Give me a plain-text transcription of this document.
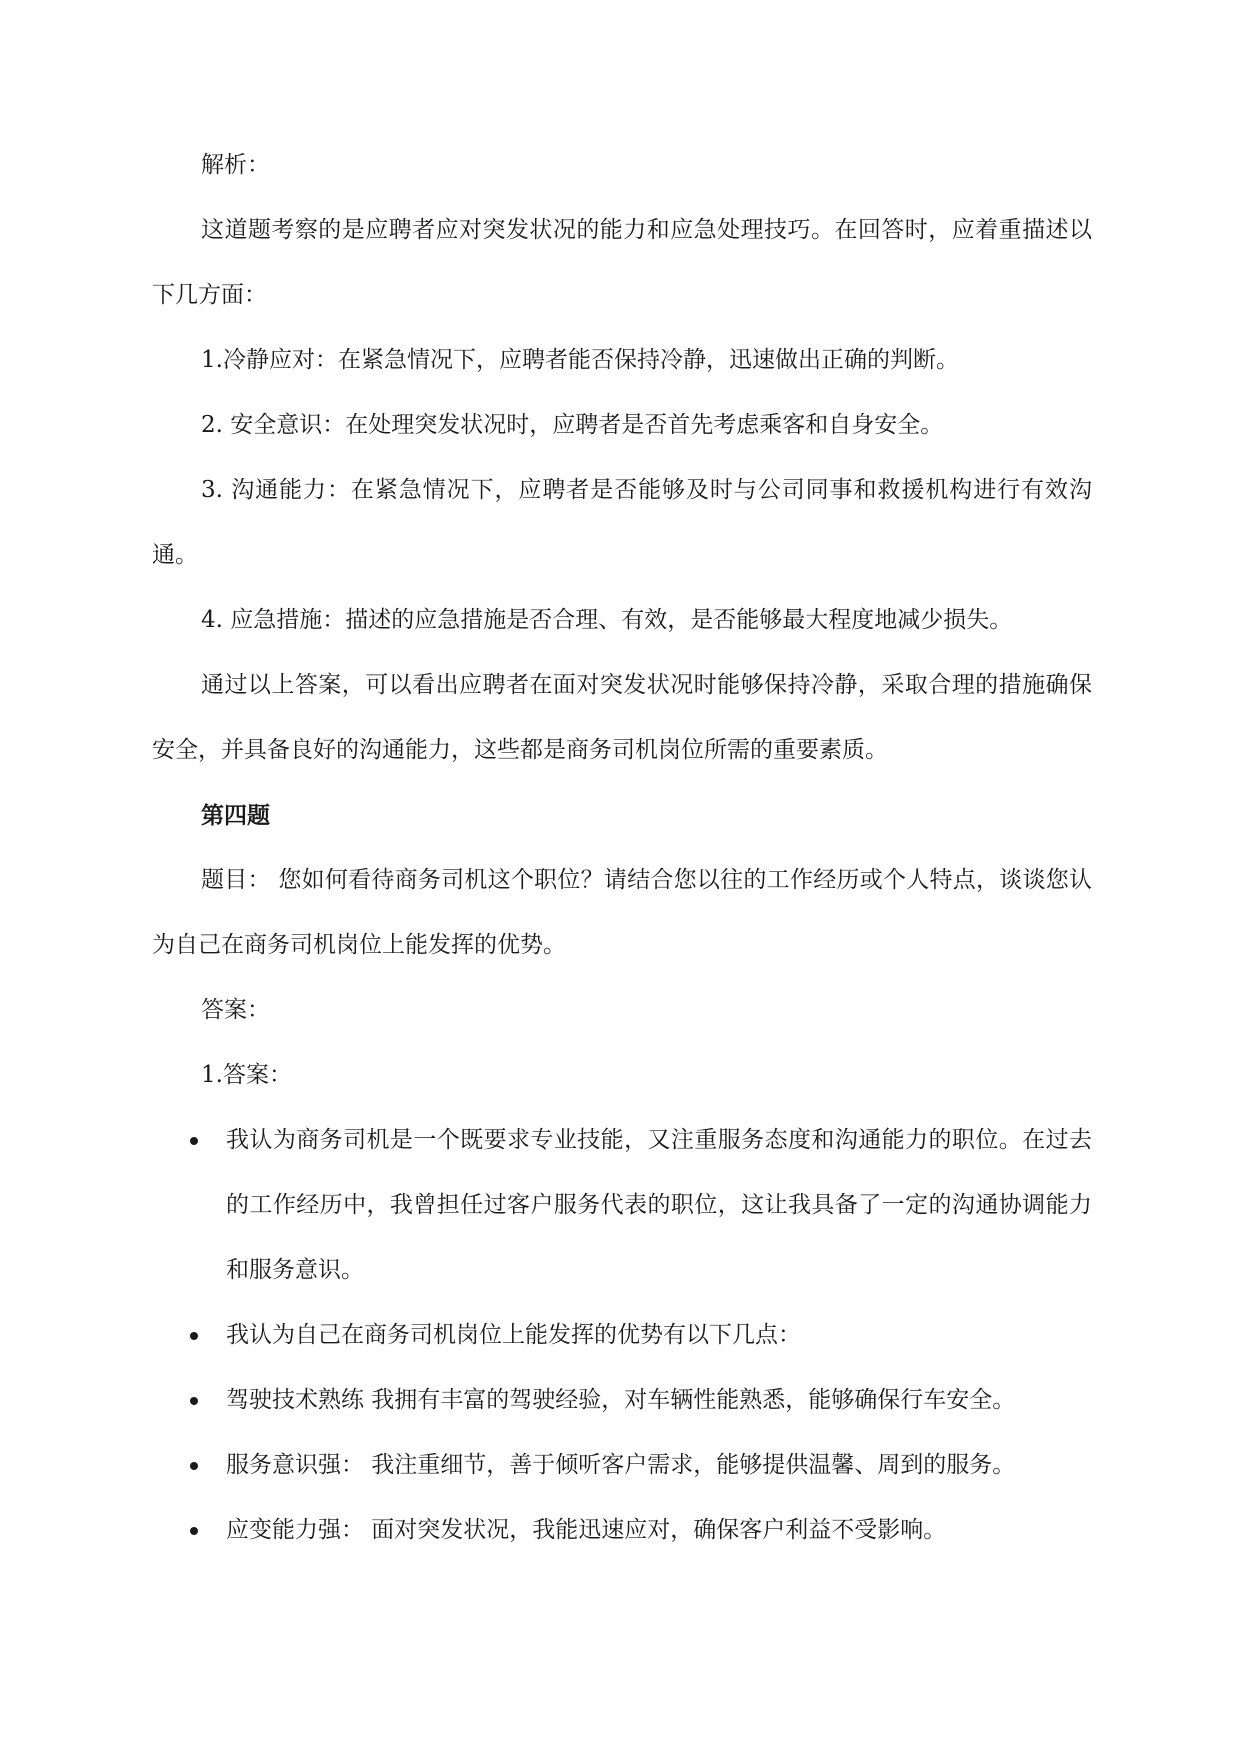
解析：

这道题考察的是应聘者应对突发状况的能力和应急处理技巧。在回答时，应着重描述以下几方面：

1.冷静应对：在紧急情况下，应聘者能否保持冷静，迅速做出正确的判断。

2. 安全意识：在处理突发状况时，应聘者是否首先考虑乘客和自身安全。

3. 沟通能力：在紧急情况下，应聘者是否能够及时与公司同事和救援机构进行有效沟通。

4. 应急措施：描述的应急措施是否合理、有效，是否能够最大程度地减少损失。

通过以上答案，可以看出应聘者在面对突发状况时能够保持冷静，采取合理的措施确保安全，并具备良好的沟通能力，这些都是商务司机岗位所需的重要素质。

第四题

题目： 您如何看待商务司机这个职位？请结合您以往的工作经历或个人特点，谈谈您认为自己在商务司机岗位上能发挥的优势。

答案：

1.答案：

我认为商务司机是一个既要求专业技能，又注重服务态度和沟通能力的职位。在过去的工作经历中，我曾担任过客户服务代表的职位，这让我具备了一定的沟通协调能力和服务意识。
我认为自己在商务司机岗位上能发挥的优势有以下几点：
驾驶技术熟练 我拥有丰富的驾驶经验，对车辆性能熟悉，能够确保行车安全。
服务意识强： 我注重细节，善于倾听客户需求，能够提供温馨、周到的服务。
应变能力强： 面对突发状况，我能迅速应对，确保客户利益不受影响。
